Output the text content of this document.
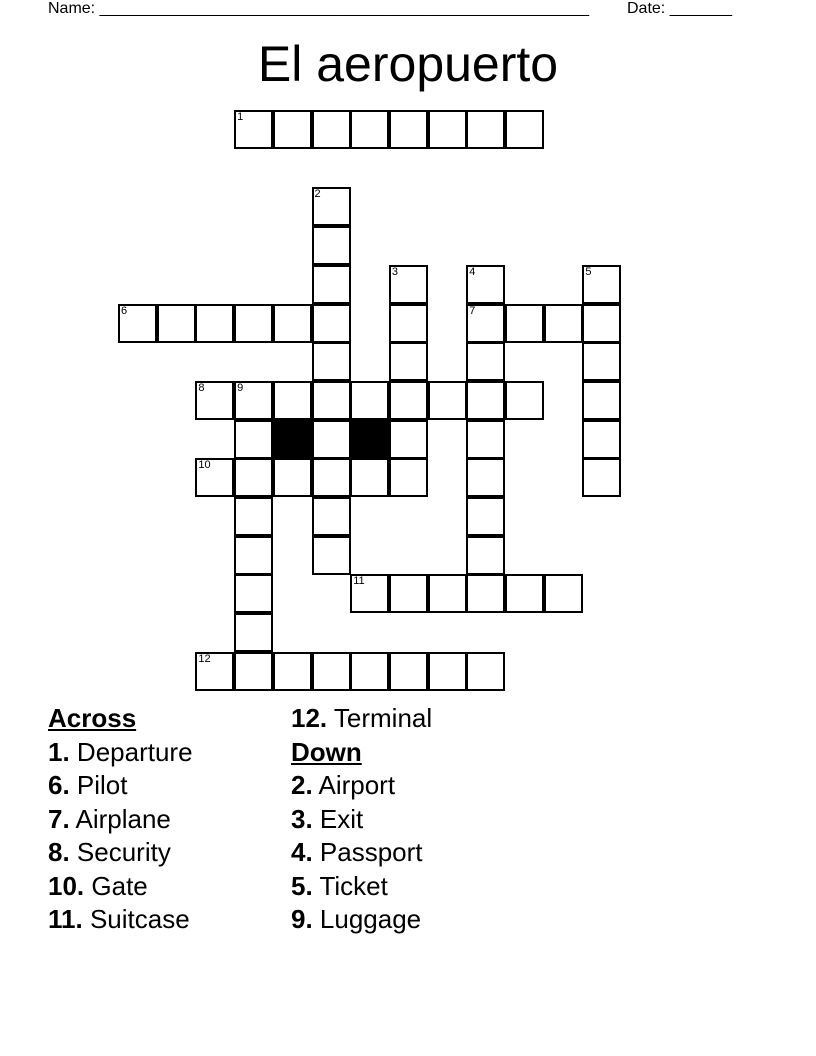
Name: _______________________________________________________ Date: _______
El aeropuerto
1
6	7
8	9
10
11
12
2
3	4	5
Across
1. Departure
6. Pilot
7. Airplane
8. Security
10. Gate
11. Suitcase
12. Terminal
Down
2. Airport
3. Exit
4. Passport
5. Ticket
9. Luggage
